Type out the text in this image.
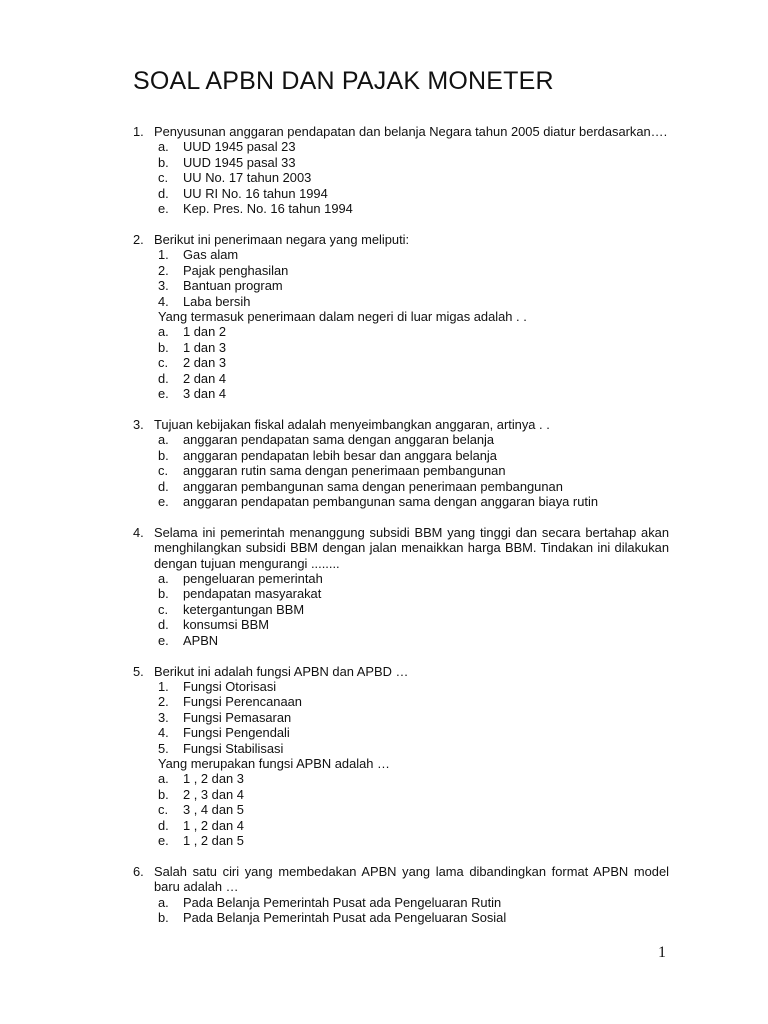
SOAL APBN DAN PAJAK MONETER
1. Penyusunan anggaran pendapatan dan belanja Negara tahun 2005 diatur berdasarkan….
a.	UUD 1945 pasal 23
b.	UUD 1945 pasal 33
c.	UU No. 17 tahun 2003
d.	UU RI No. 16 tahun 1994
e.	Kep. Pres. No. 16 tahun 1994
2. Berikut ini penerimaan negara yang meliputi:
1.	Gas alam
2.	Pajak penghasilan
3.	Bantuan program
4.	Laba bersih
Yang termasuk penerimaan dalam negeri di luar migas adalah . .
a.	1 dan 2
b.	1 dan 3
c.	2 dan 3
d.	2 dan 4
e.	3 dan 4
3. Tujuan kebijakan fiskal adalah menyeimbangkan anggaran, artinya . .
a.	anggaran pendapatan sama dengan anggaran belanja
b.	anggaran pendapatan lebih besar dan anggara belanja
c.	anggaran rutin sama dengan penerimaan pembangunan
d.	anggaran pembangunan sama dengan penerimaan pembangunan
e.	anggaran pendapatan pembangunan sama dengan anggaran biaya rutin
4. Selama ini pemerintah menanggung subsidi BBM yang tinggi dan secara bertahap akan menghilangkan subsidi BBM dengan jalan menaikkan harga BBM. Tindakan ini dilakukan dengan tujuan mengurangi ........
a.	pengeluaran pemerintah
b.	pendapatan masyarakat
c.	ketergantungan BBM
d.	konsumsi BBM
e.	APBN
5. Berikut ini adalah fungsi APBN dan APBD …
1.	Fungsi Otorisasi
2.	Fungsi Perencanaan
3.	Fungsi Pemasaran
4.	Fungsi Pengendali
5.	Fungsi Stabilisasi
Yang merupakan fungsi APBN adalah …
a.	1 , 2 dan 3
b.	2 , 3 dan 4
c.	3 , 4 dan 5
d.	1 , 2 dan 4
e.	1 , 2 dan 5
6. Salah satu ciri yang membedakan APBN yang lama dibandingkan format APBN model baru adalah …
a.	Pada Belanja Pemerintah Pusat ada Pengeluaran Rutin
b.	Pada Belanja Pemerintah Pusat ada Pengeluaran Sosial
1
